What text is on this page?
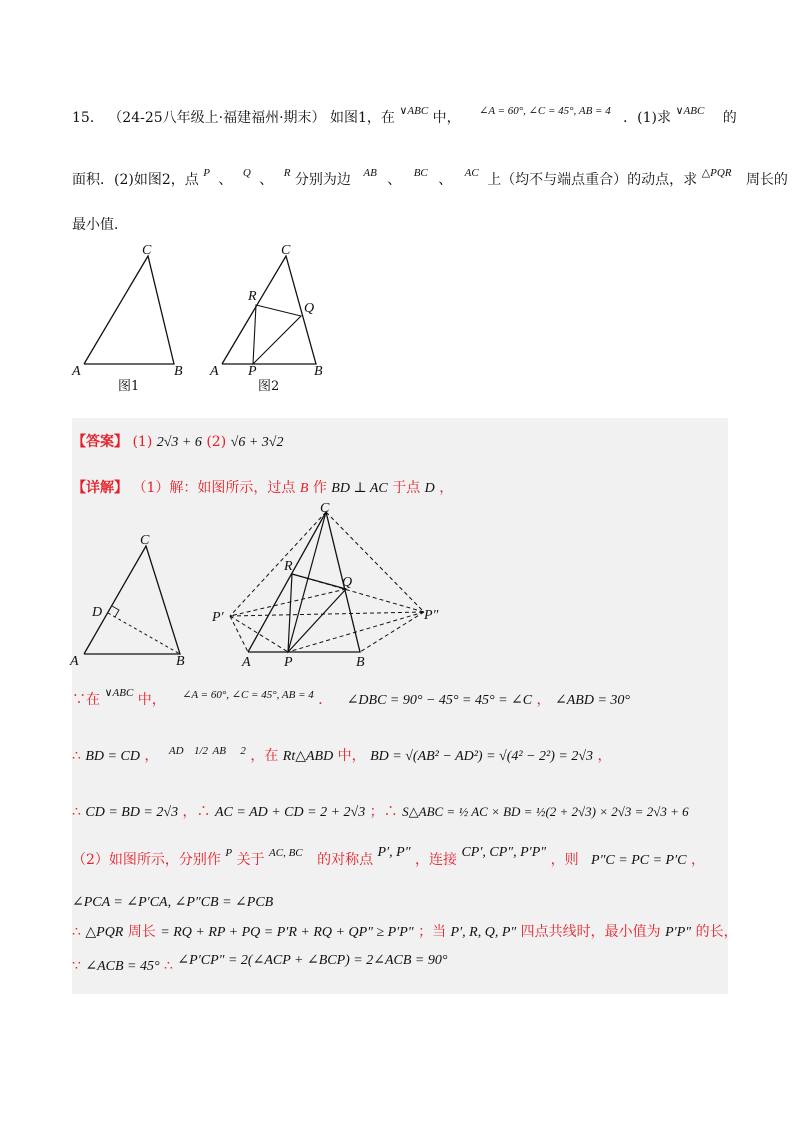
15． （24-25八年级上·福建福州·期末） 如图1，在 $^{\vee ABC}$ 中， $^{\angle A = 60^\circ, \angle C = 45^\circ, AB = 4}$ ．(1)求 $^{\vee ABC}$ 的
面积．(2)如图2，点 $^P$ 、 $^Q$ 、 $^R$ 分别为边 $^{AB}$ 、 $^{BC}$ 、 $^{AC}$ 上（均不与端点重合）的动点，求 $^{\triangle PQR}$ 周长的
最小值．
C
A	B
图1
C
R
Q
A P	B
图2
【答案】 (1) 2√3 + 6 (2) √6 + 3√2
【详解】 （1）解：如图所示，过点 B 作 BD ⊥ AC 于点 D ，
C
D
A	B
C
R
Q
P′	P″
A P	B
∵在 $^{\vee ABC}$ 中， $^{\angle A = 60^\circ, \angle C = 45^\circ, AB = 4}$ ． ∠DBC = 90° − 45° = 45° = ∠C ， ∠ABD = 30°
∴ BD = CD ， $^{AD}$ $^{1/2}$ $^{AB}$ $^2$ ，在 Rt△ABD 中， BD = √(AB² − AD²) = √(4² − 2²) = 2√3 ，
∴ CD = BD = 2√3 ，∴ AC = AD + CD = 2 + 2√3 ；∴ S△ABC = ½ AC × BD = ½(2 + 2√3) × 2√3 = 2√3 + 6
（2）如图所示，分别作 $^P$ 关于 $^{AC, BC}$ 的对称点 P′, P″ ，连接 CP′, CP″, P′P″ ，则 P″C = PC = P′C ，
∠PCA = ∠P′CA, ∠P″CB = ∠PCB
∴ △PQR 周长 = RQ + RP + PQ = P′R + RQ + QP″ ≥ P′P″ ；当 P′, R, Q, P″ 四点共线时，最小值为 P′P″ 的长，
∵ ∠ACB = 45° ∴ ∠P′CP″ = 2(∠ACP + ∠BCP) = 2∠ACB = 90°
